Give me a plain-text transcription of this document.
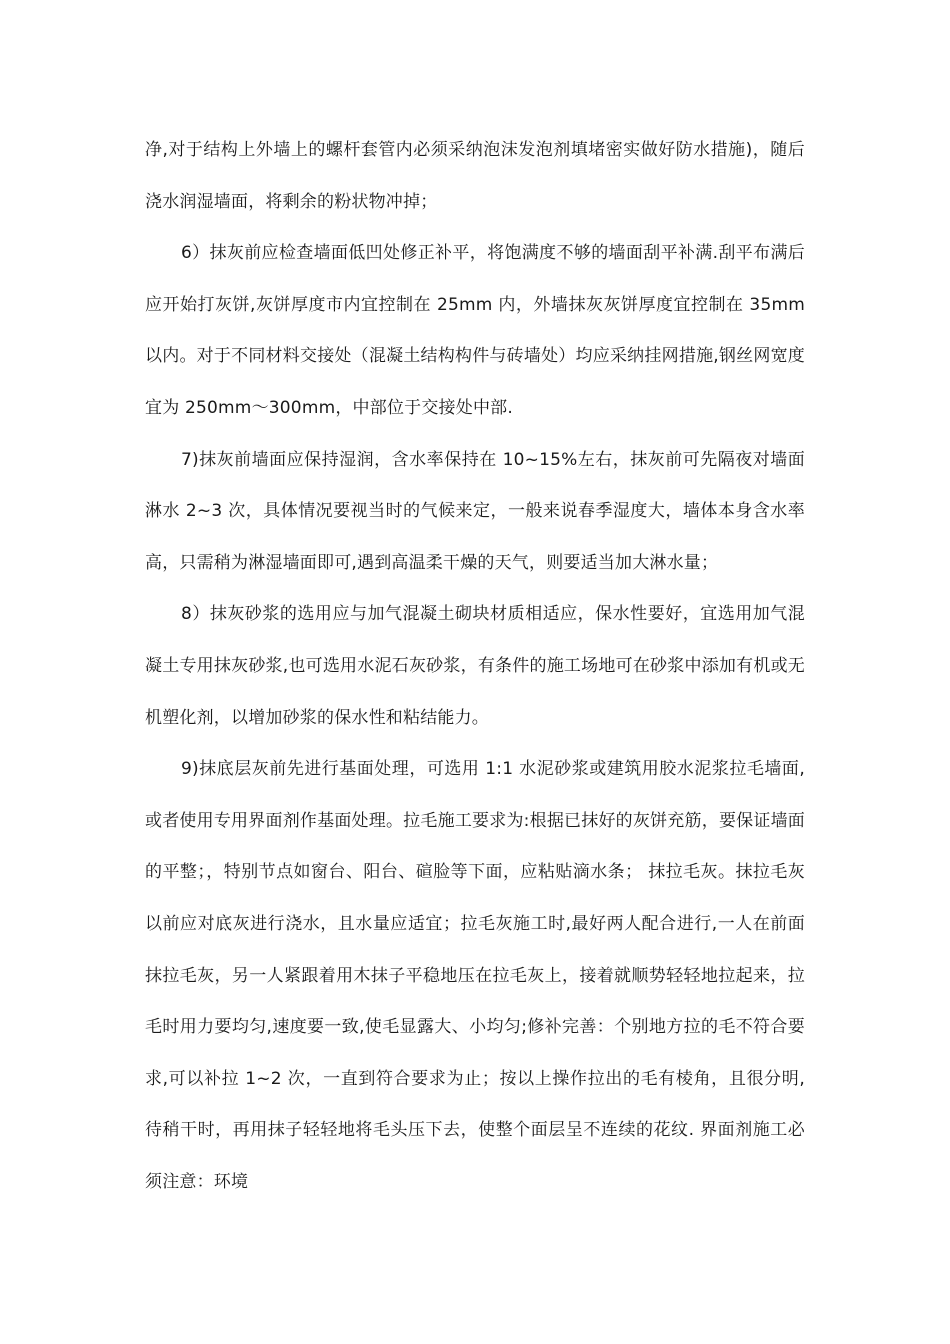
净,对于结构上外墙上的螺杆套管内必须采纳泡沫发泡剂填堵密实做好防水措施)，随后浇水润湿墙面，将剩余的粉状物冲掉；

6）抹灰前应检查墙面低凹处修正补平，将饱满度不够的墙面刮平补满.刮平布满后应开始打灰饼,灰饼厚度市内宜控制在 25mm 内，外墙抹灰灰饼厚度宜控制在 35mm 以内。对于不同材料交接处（混凝土结构构件与砖墙处）均应采纳挂网措施,钢丝网宽度宜为 250mm～300mm，中部位于交接处中部.

7)抹灰前墙面应保持湿润，含水率保持在 10~15%左右，抹灰前可先隔夜对墙面淋水 2~3 次，具体情况要视当时的气候来定，一般来说春季湿度大，墙体本身含水率高，只需稍为淋湿墙面即可,遇到高温柔干燥的天气，则要适当加大淋水量；

8）抹灰砂浆的选用应与加气混凝土砌块材质相适应，保水性要好，宜选用加气混凝土专用抹灰砂浆,也可选用水泥石灰砂浆，有条件的施工场地可在砂浆中添加有机或无机塑化剂，以增加砂浆的保水性和粘结能力。

9)抹底层灰前先进行基面处理，可选用 1:1 水泥砂浆或建筑用胶水泥浆拉毛墙面,或者使用专用界面剂作基面处理。拉毛施工要求为:根据已抹好的灰饼充筋，要保证墙面的平整；，特别节点如窗台、阳台、碹脸等下面，应粘贴滴水条； 抹拉毛灰。抹拉毛灰以前应对底灰进行浇水，且水量应适宜；拉毛灰施工时,最好两人配合进行,一人在前面抹拉毛灰，另一人紧跟着用木抹子平稳地压在拉毛灰上，接着就顺势轻轻地拉起来，拉毛时用力要均匀,速度要一致,使毛显露大、小均匀;修补完善：个别地方拉的毛不符合要求,可以补拉 1~2 次，一直到符合要求为止；按以上操作拉出的毛有棱角，且很分明,待稍干时，再用抹子轻轻地将毛头压下去，使整个面层呈不连续的花纹. 界面剂施工必须注意：环境
